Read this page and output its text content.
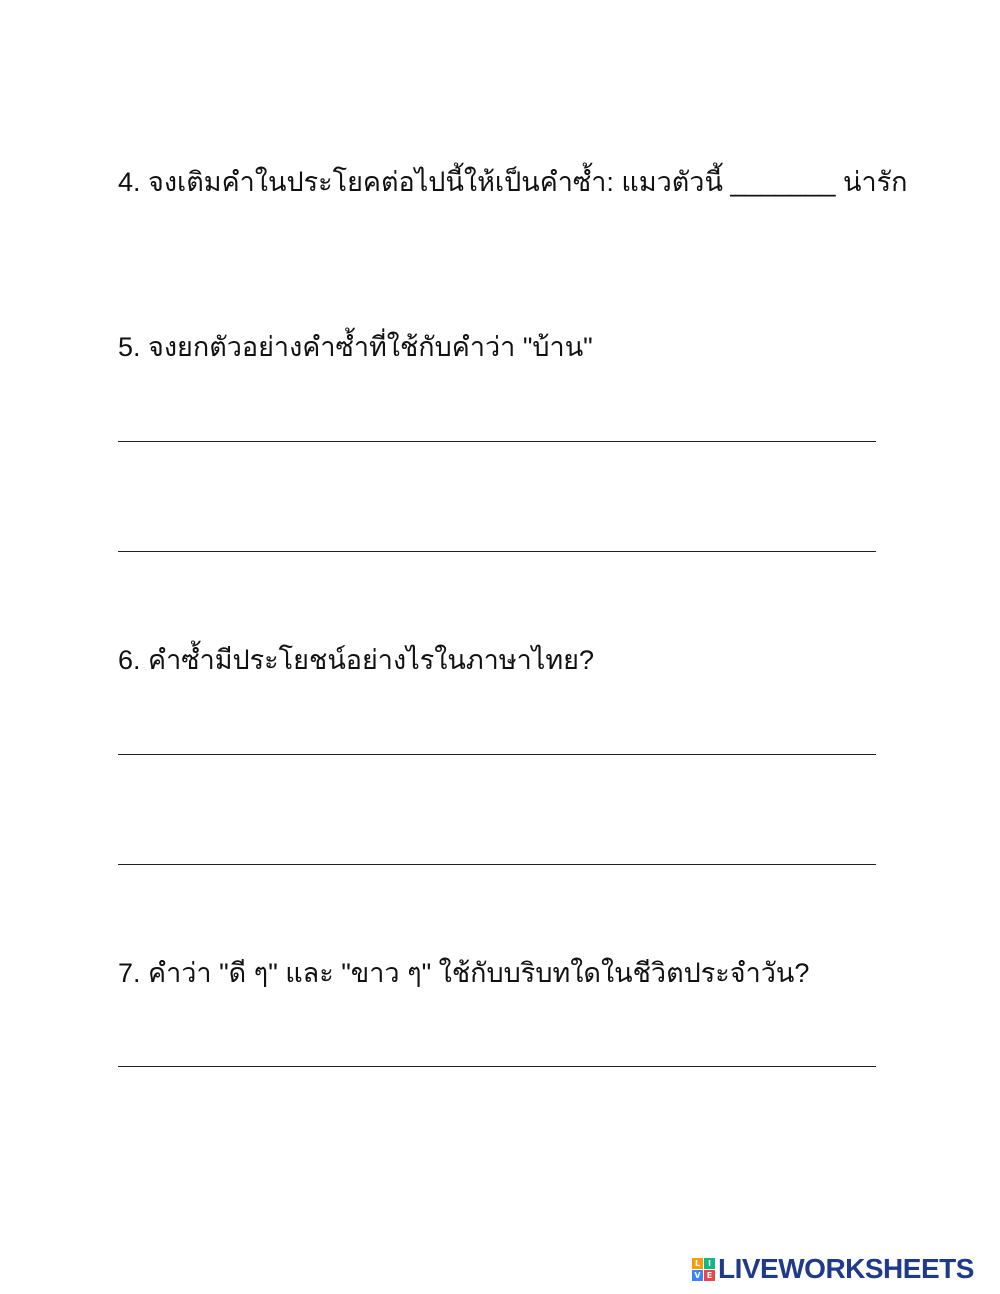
4. จงเติมคำในประโยคต่อไปนี้ให้เป็นคำซ้ำ: แมวตัวนี้ _______ น่ารัก

5. จงยกตัวอย่างคำซ้ำที่ใช้กับคำว่า "บ้าน"

6. คำซ้ำมีประโยชน์อย่างไรในภาษาไทย?

7. คำว่า "ดี ๆ" และ "ขาว ๆ" ใช้กับบริบทใดในชีวิตประจำวัน?

L I
V E LIVEWORKSHEETS
